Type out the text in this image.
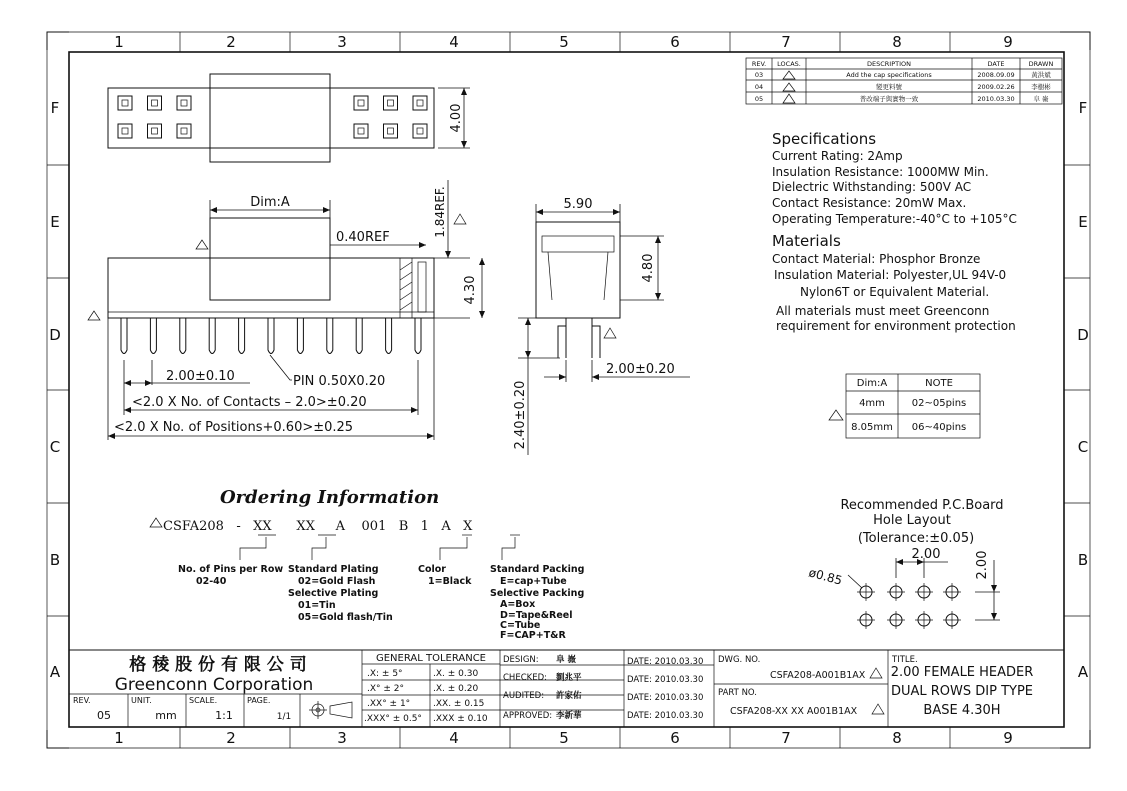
1	2	3	4	5	6	7	8	9
1	2	3	4	5	6	7	8	9
F
E
D
C
B
A
F
E
D
C
B
A
REV. LOCAS.	DESCRIPTION	DATE	DRAWN
03	Add the cap specifications	2008.09.09	黃洪斌
04	變更料號	2009.02.26	李樹彬
05	普改端子與實物一致	2010.03.30	阜 嶶
Specifications
Current Rating: 2Amp
Insulation Resistance: 1000MW Min.
Dielectric Withstanding: 500V AC
Contact Resistance: 20mW Max.
Operating Temperature:-40°C to +105°C
Materials
Contact Material: Phosphor Bronze
Insulation Material: Polyester,UL 94V-0
Nylon6T or Equivalent Material.
All materials must meet Greenconn
requirement for environment protection
Dim:A	NOTE
4mm	02~05pins
8.05mm 06~40pins
4.00
Dim:A
0.40REF	1.84REF.
4.30
2.00±0.10	PIN 0.50X0.20
<2.0 X No. of Contacts – 2.0>±0.20
<2.0 X No. of Positions+0.60>±0.25
5.90
4.80
2.00±0.20
2.40±0.20
Ordering Information
CSFA208   -   XX      XX     A    001   B   1   A   X
No. of Pins per Row
02-40
Standard Plating
02=Gold Flash
Selective Plating
01=Tin
05=Gold flash/Tin
Color
1=Black
Standard Packing
E=cap+Tube
Selective Packing
A=Box
D=Tape&Reel
C=Tube
F=CAP+T&R
Recommended P.C.Board
Hole Layout
(Tolerance:±0.05)
ø0.85
2.00	2.00
格 稜 股 份 有 限 公 司
Greenconn Corporation
REV.
05
UNIT.
mm
SCALE.
1:1
PAGE.
1/1
GENERAL TOLERANCE
.X: ± 5°	.X. ± 0.30
.X° ± 2°	.X. ± 0.20
.XX° ± 1°	.XX. ± 0.15
.XXX° ± 0.5° .XXX ± 0.10
DESIGN: 阜 嶶	DATE: 2010.03.30
CHECKED: 劉兆平	DATE: 2010.03.30
AUDITED: 許家佑	DATE: 2010.03.30
APPROVED: 李新華	DATE: 2010.03.30
DWG. NO.
CSFA208-A001B1AX
PART NO.
CSFA208-XX XX A001B1AX
TITLE.
2.00 FEMALE HEADER
DUAL ROWS DIP TYPE
BASE 4.30H
